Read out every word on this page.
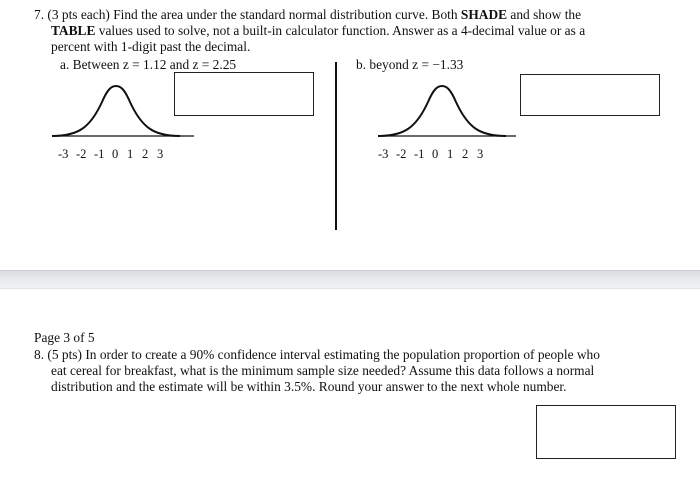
7. (3 pts each) Find the area under the standard normal distribution curve. Both SHADE and show the
TABLE values used to solve, not a built-in calculator function. Answer as a 4-decimal value or as a
percent with 1-digit past the decimal.
a. Between z = 1.12 and z = 2.25	b. beyond z = −1.33
-3 -2 -1 0 1 2 3	-3 -2 -1 0 1 2 3
Page 3 of 5
8. (5 pts) In order to create a 90% confidence interval estimating the population proportion of people who
eat cereal for breakfast, what is the minimum sample size needed? Assume this data follows a normal
distribution and the estimate will be within 3.5%. Round your answer to the next whole number.
